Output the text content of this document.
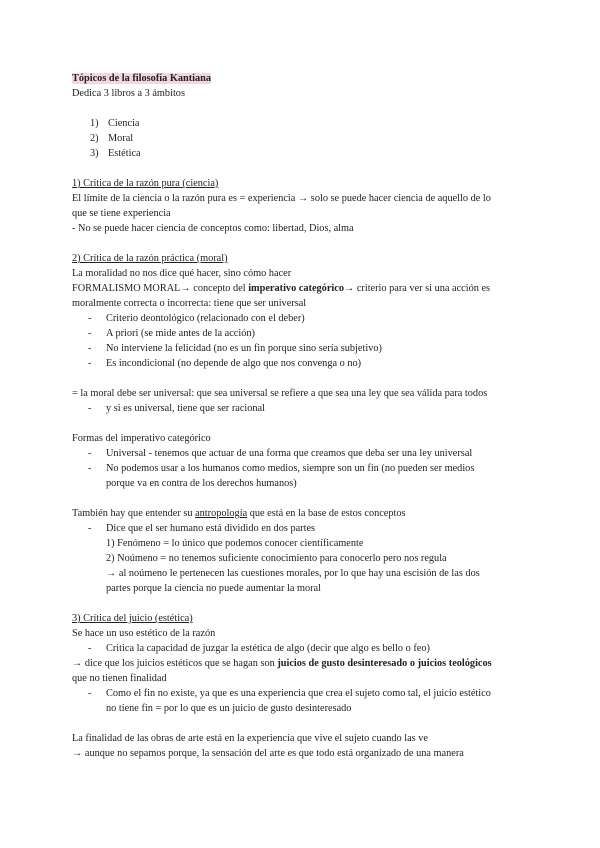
Tópicos de la filosofía Kantiana

Dedica 3 libros a 3 ámbitos

1) Ciencia
2) Moral
3) Estética

1) Crítica de la razón pura (ciencia)

El límite de la ciencia o la razón pura es = experiencia → solo se puede hacer ciencia de aquello de lo

que se tiene experiencia

- No se puede hacer ciencia de conceptos como: libertad, Dios, alma

2) Crítica de la razón práctica (moral)

La moralidad no nos dice qué hacer, sino cómo hacer

FORMALISMO MORAL→ concepto del imperativo categórico→ criterio para ver si una acción es

moralmente correcta o incorrecta: tiene que ser universal

-	Criterio deontológico (relacionado con el deber)
-	A priori (se mide antes de la acción)
-	No interviene la felicidad (no es un fin porque sino sería subjetivo)
-	Es incondicional (no depende de algo que nos convenga o no)

= la moral debe ser universal: que sea universal se refiere a que sea una ley que sea válida para todos

-	y si es universal, tiene que ser racional

Formas del imperativo categórico

-	Universal - tenemos que actuar de una forma que creamos que deba ser una ley universal
-	No podemos usar a los humanos como medios, siempre son un fin (no pueden ser medios
porque va en contra de los derechos humanos)

También hay que entender su antropología que está en la base de estos conceptos

-	Dice que el ser humano está dividido en dos partes

1) Fenómeno = lo único que podemos conocer científicamente

2) Noúmeno = no tenemos suficiente conocimiento para conocerlo pero nos regula

→ al noúmeno le pertenecen las cuestiones morales, por lo que hay una escisión de las dos

partes porque la ciencia no puede aumentar la moral

3) Crítica del juicio (estética)

Se hace un uso estético de la razón

-	Critica la capacidad de juzgar la estética de algo (decir que algo es bello o feo)

→ dice que los juicios estéticos que se hagan son juicios de gusto desinteresado o juicios teológicos
que no tienen finalidad

-	Como el fin no existe, ya que es una experiencia que crea el sujeto como tal, el juicio estético
no tiene fin = por lo que es un juicio de gusto desinteresado

La finalidad de las obras de arte está en la experiencia que vive el sujeto cuando las ve

→ aunque no sepamos porque, la sensación del arte es que todo está organizado de una manera
